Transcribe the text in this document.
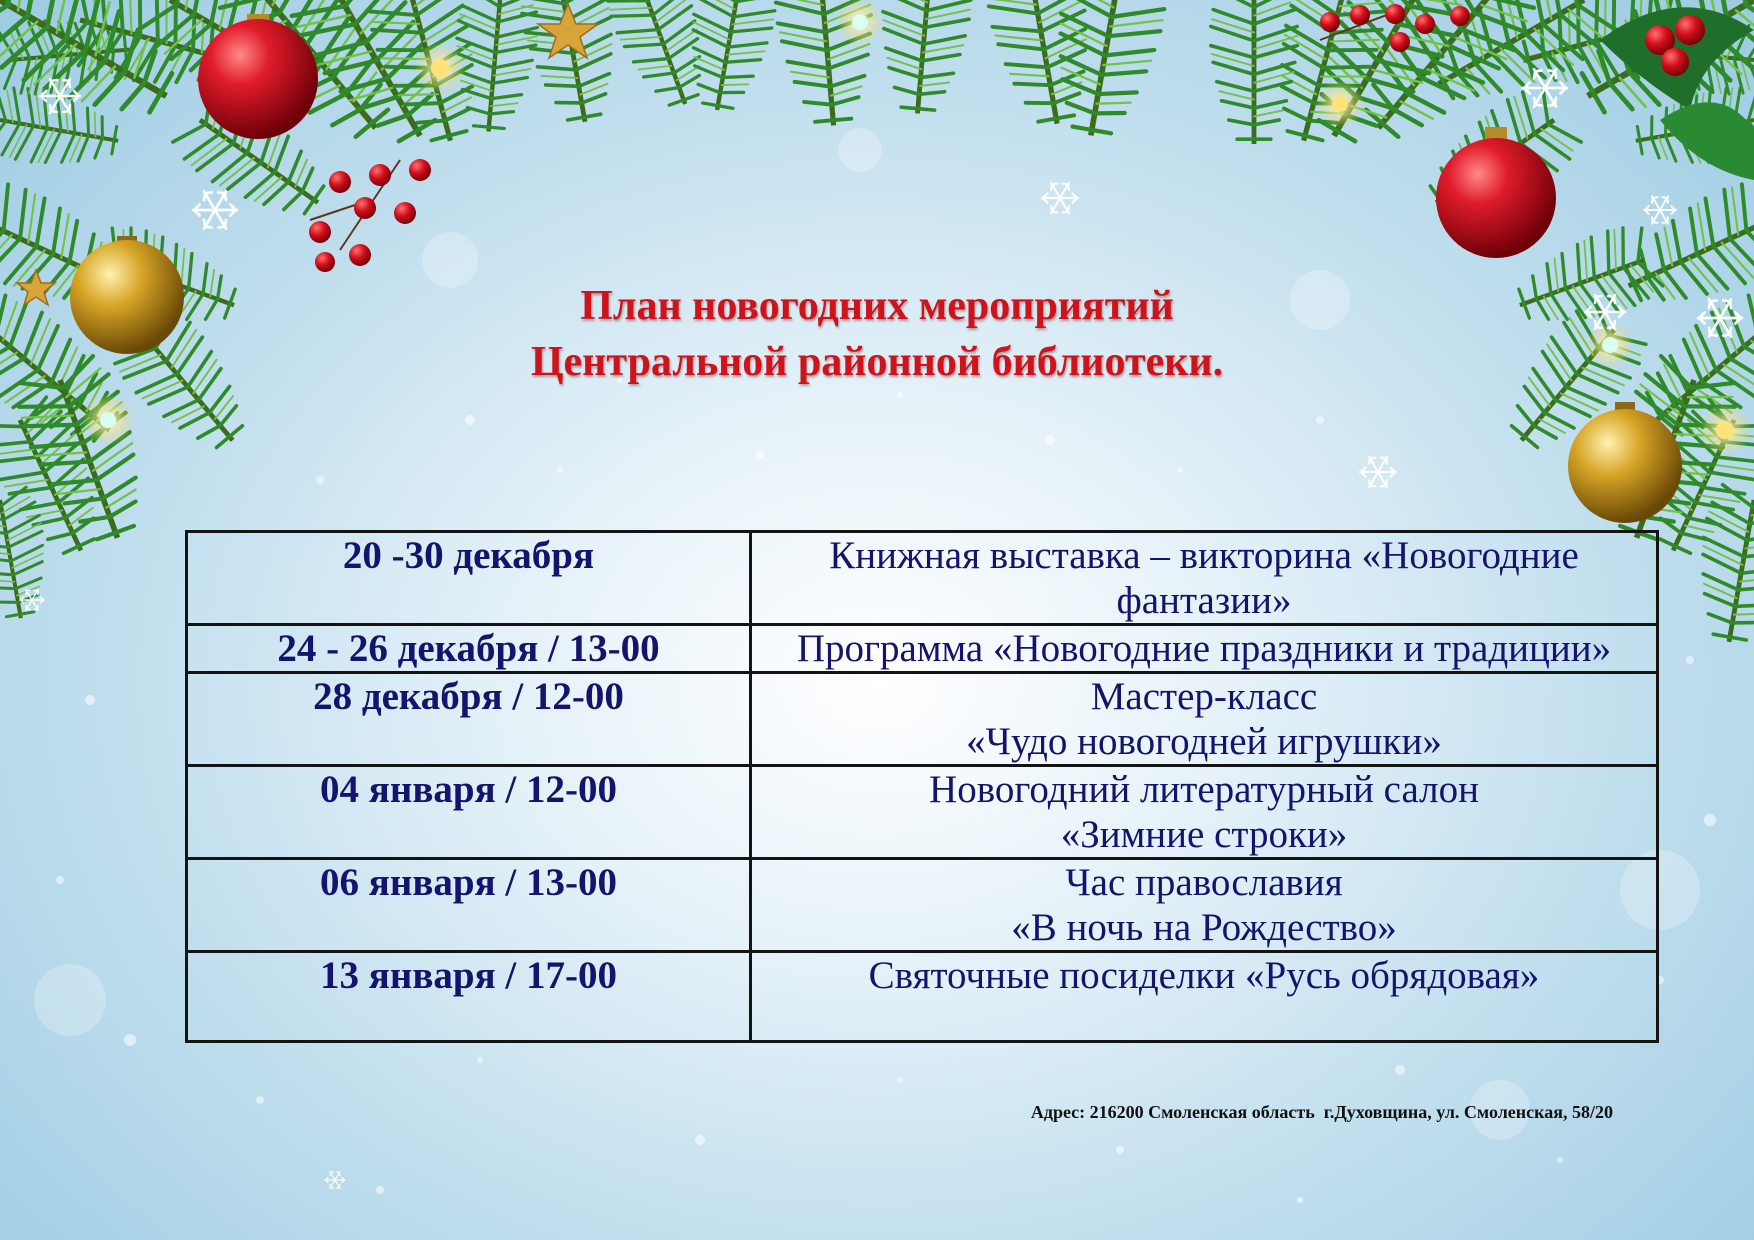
План новогодних мероприятий
Центральной районной библиотеки.
20 -30 декабря	Книжная выставка – викторина «Новогодние
фантазии»

24 - 26 декабря / 13-00	Программа «Новогодние праздники и традиции»

28 декабря / 12-00	Мастер-класс
«Чудо новогодней игрушки»

04 января / 12-00	Новогодний литературный салон
«Зимние строки»

06 января / 13-00	Час православия
«В ночь на Рождество»

13 января / 17-00	Святочные посиделки «Русь обрядовая»
Адрес: 216200 Смоленская область  г.Духовщина, ул. Смоленская, 58/20
